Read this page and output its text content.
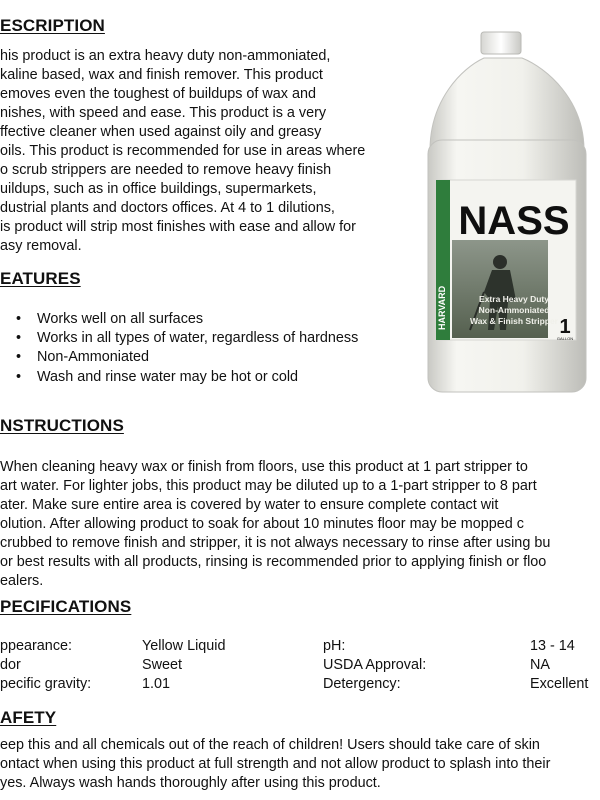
ESCRIPTION
his product is an extra heavy duty non-ammoniated,
kaline based, wax and finish remover. This product
emoves even the toughest of buildups of wax and
nishes, with speed and ease. This product is a very
ffective cleaner when used against oily and greasy
oils. This product is recommended for use in areas where
o scrub strippers are needed to remove heavy finish
uildups, such as in office buildings, supermarkets,
dustrial plants and doctors offices. At 4 to 1 dilutions,
is product will strip most finishes with ease and allow for
asy removal.
EATURES
• Works well on all surfaces
• Works in all types of water, regardless of hardness
• Non-Ammoniated
• Wash and rinse water may be hot or cold
HARVARD
NASS
Extra Heavy Duty
Non-Ammoniated
Wax & Finish Stripper 1
GALLON
NSTRUCTIONS
When cleaning heavy wax or finish from floors, use this product at 1 part stripper to
art water. For lighter jobs, this product may be diluted up to a 1-part stripper to 8 part
ater. Make sure entire area is covered by water to ensure complete contact wit
olution. After allowing product to soak for about 10 minutes floor may be mopped c
crubbed to remove finish and stripper, it is not always necessary to rinse after using bu
or best results with all products, rinsing is recommended prior to applying finish or floo
ealers.
PECIFICATIONS
ppearance:	Yellow Liquid	pH:	13 - 14
dor	Sweet	USDA Approval:	NA
pecific gravity:	1.01	Detergency:	Excellent
AFETY
eep this and all chemicals out of the reach of children! Users should take care of skin
ontact when using this product at full strength and not allow product to splash into their
yes. Always wash hands thoroughly after using this product.
